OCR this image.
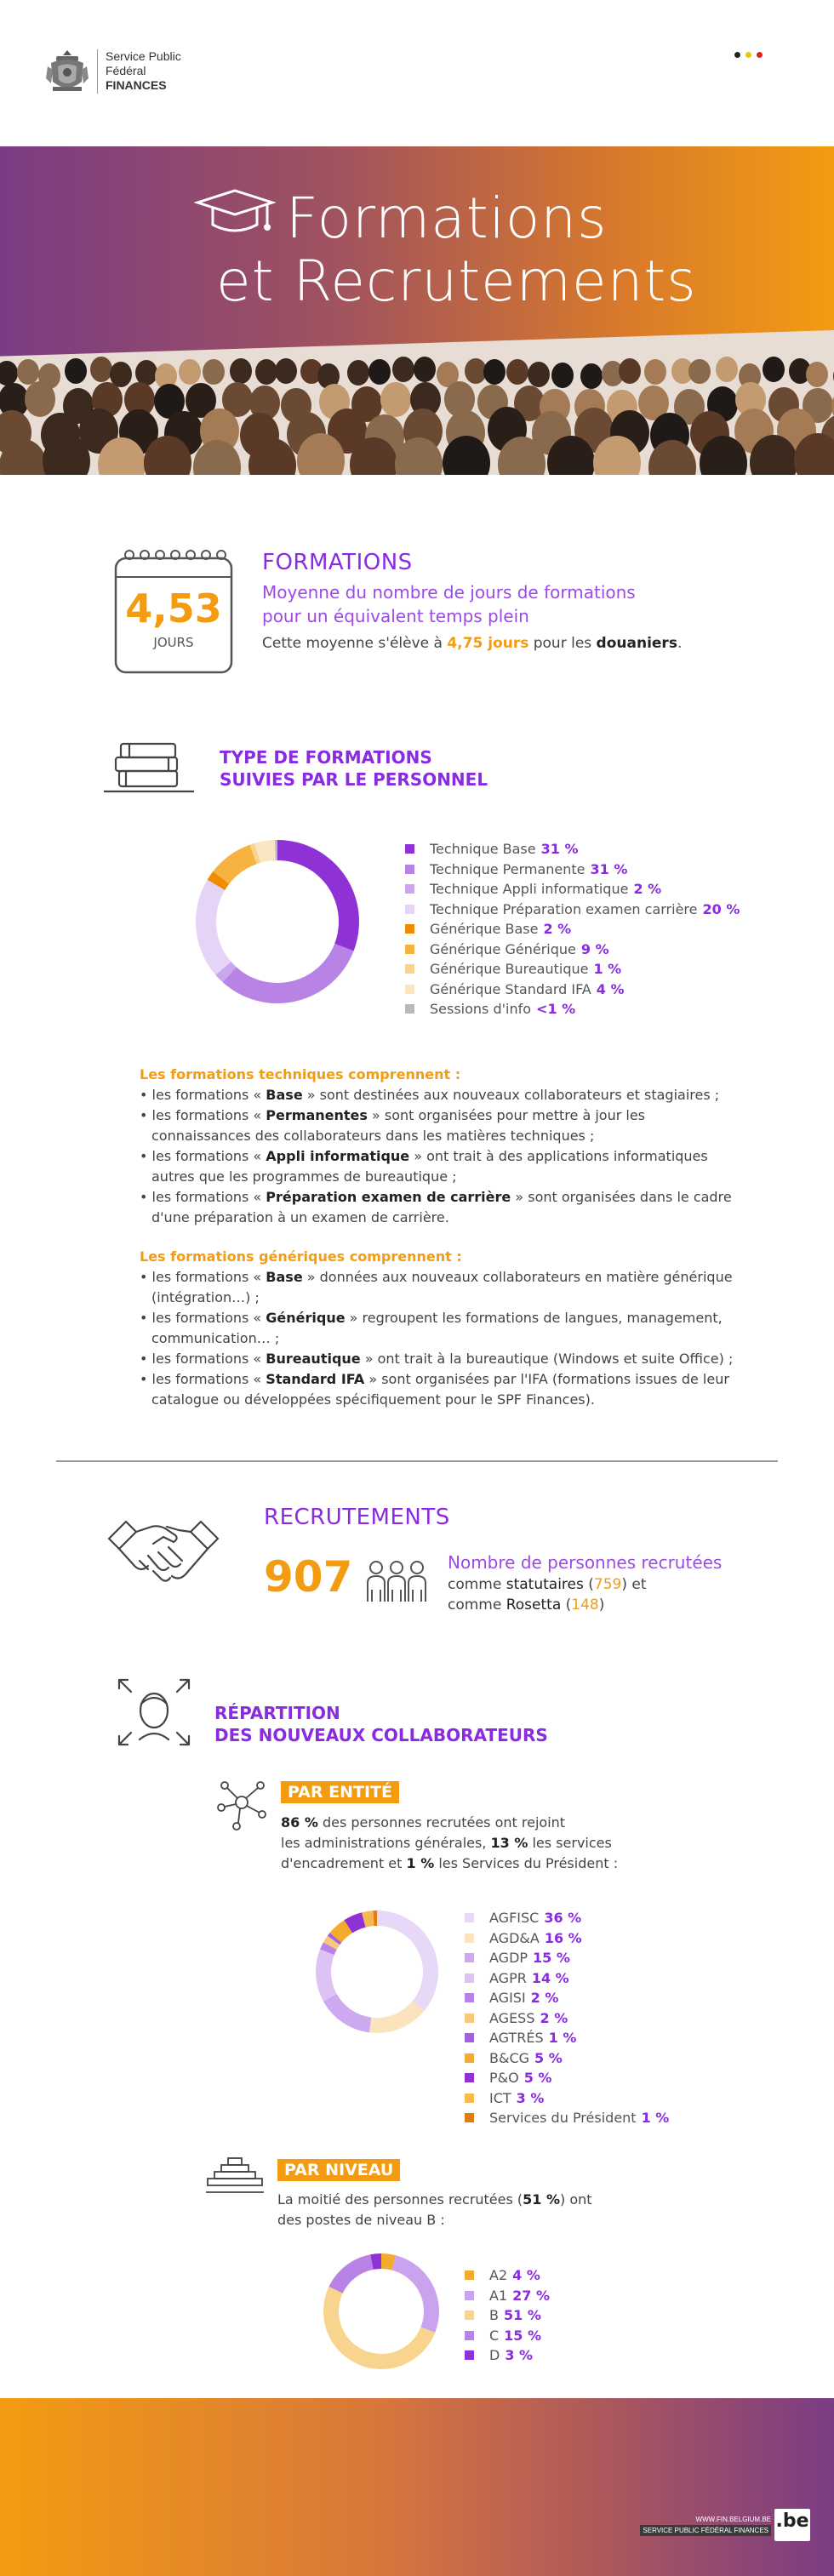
Service Public
Fédéral
FINANCES
Formations
et Recrutements
4,53
JOURS
FORMATIONS
Moyenne du nombre de jours de formations
pour un équivalent temps plein
Cette moyenne s'élève à 4,75 jours pour les douaniers.
TYPE DE FORMATIONS
SUIVIES PAR LE PERSONNEL
Technique Base 31 %
Technique Permanente 31 %
Technique Appli informatique 2 %
Technique Préparation examen carrière 20 %
Générique Base 2 %
Générique Générique 9 %
Générique Bureautique 1 %
Générique Standard IFA 4 %
Sessions d'info <1 %
Les formations techniques comprennent :
• les formations « Base » sont destinées aux nouveaux collaborateurs et stagiaires ;
• les formations « Permanentes » sont organisées pour mettre à jour les connaissances des collaborateurs dans les matières techniques ;
• les formations « Appli informatique » ont trait à des applications informatiques autres que les programmes de bureautique ;
• les formations « Préparation examen de carrière » sont organisées dans le cadre d'une préparation à un examen de carrière.
Les formations génériques comprennent :
• les formations « Base » données aux nouveaux collaborateurs en matière générique (intégration…) ;
• les formations « Générique » regroupent les formations de langues, management, communication… ;
• les formations « Bureautique » ont trait à la bureautique (Windows et suite Office) ;
• les formations « Standard IFA » sont organisées par l'IFA (formations issues de leur catalogue ou développées spécifiquement pour le SPF Finances).
RECRUTEMENTS
907	Nombre de personnes recrutées
comme statutaires (759) et
comme Rosetta (148)
RÉPARTITION
DES NOUVEAUX COLLABORATEURS
PAR ENTITÉ
86 % des personnes recrutées ont rejoint
les administrations générales, 13 % les services
d'encadrement et 1 % les Services du Président :
AGFISC 36 %
AGD&A 16 %
AGDP 15 %
AGPR 14 %
AGISI 2 %
AGESS 2 %
AGTRÉS 1 %
B&CG 5 %
P&O 5 %
ICT 3 %
Services du Président 1 %
PAR NIVEAU
La moitié des personnes recrutées (51 %) ont
des postes de niveau B :
A2 4 %
A1 27 %
B 51 %
C 15 %
D 3 %
WWW.FIN.BELGIUM.BE
SERVICE PUBLIC FÉDÉRAL FINANCES .be
